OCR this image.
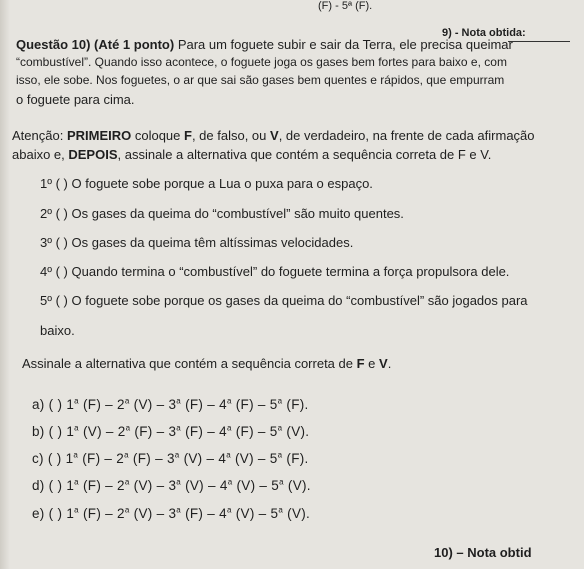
(F) - 5ª (F).
9) - Nota obtida:
Questão 10) (Até 1 ponto) Para um foguete subir e sair da Terra, ele precisa queimar
“combustível”. Quando isso acontece, o foguete joga os gases bem fortes para baixo e, com
isso, ele sobe. Nos foguetes, o ar que sai são gases bem quentes e rápidos, que empurram
o foguete para cima.
Atenção: PRIMEIRO coloque F, de falso, ou V, de verdadeiro, na frente de cada afirmação
abaixo e, DEPOIS, assinale a alternativa que contém a sequência correta de F e V.
1º ( ) O foguete sobe porque a Lua o puxa para o espaço.
2º ( ) Os gases da queima do “combustível” são muito quentes.
3º ( ) Os gases da queima têm altíssimas velocidades.
4º ( ) Quando termina o “combustível” do foguete termina a força propulsora dele.
5º ( ) O foguete sobe porque os gases da queima do “combustível” são jogados para
baixo.
Assinale a alternativa que contém a sequência correta de F e V.
a) ( ) 1$^a$ (F) – 2$^a$ (V) – 3$^a$ (F) – 4$^a$ (F) – 5$^a$ (F).
b) ( ) 1$^a$ (V) – 2$^a$ (F) – 3$^a$ (F) – 4$^a$ (F) – 5$^a$ (V).
c) ( ) 1$^a$ (F) – 2$^a$ (F) – 3$^a$ (V) – 4$^a$ (V) – 5$^a$ (F).
d) ( ) 1$^a$ (F) – 2$^a$ (V) – 3$^a$ (V) – 4$^a$ (V) – 5$^a$ (V).
e) ( ) 1$^a$ (F) – 2$^a$ (V) – 3$^a$ (F) – 4$^a$ (V) – 5$^a$ (V).
10) – Nota obtid
